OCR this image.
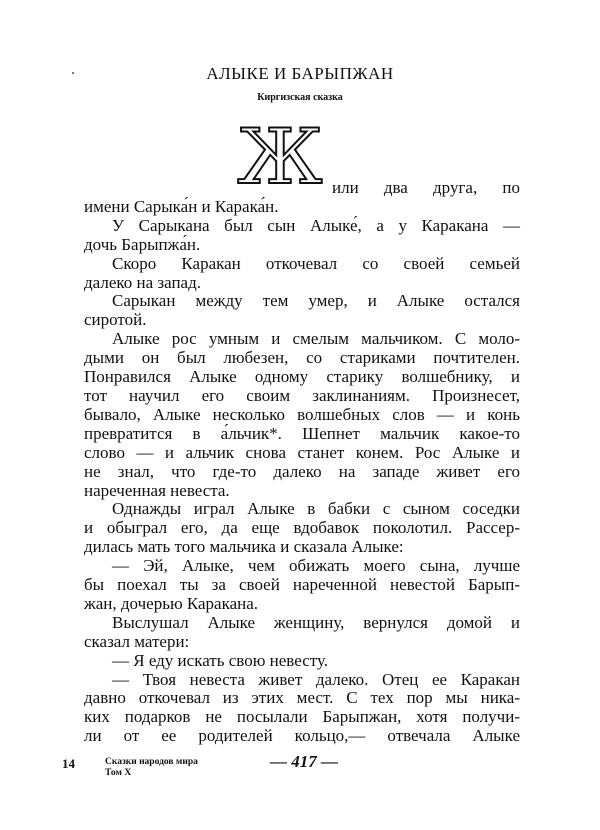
АЛЫКЕ И БАРЫПЖАН
Киргизская сказка
Ж или два друга, по
имени Сарыка́н и Карака́н.
У Сарыкана был сын Алыке́, а у Каракана —
дочь Барыпжа́н.
Скоро Каракан откочевал со своей семьей
далеко на запад.
Сарыкан между тем умер, и Алыке остался
сиротой.
Алыке рос умным и смелым мальчиком. С моло-
дыми он был любезен, со стариками почтителен.
Понравился Алыке одному старику волшебнику, и
тот научил его своим заклинаниям. Произнесет,
бывало, Алыке несколько волшебных слов — и конь
превратится в а́льчик*. Шепнет мальчик какое-то
слово — и альчик снова станет конем. Рос Алыке и
не знал, что где-то далеко на западе живет его
нареченная невеста.
Однажды играл Алыке в бабки с сыном соседки
и обыграл его, да еще вдобавок поколотил. Рассер-
дилась мать того мальчика и сказала Алыке:
— Эй, Алыке, чем обижать моего сына, лучше
бы поехал ты за своей нареченной невестой Барып-
жан, дочерью Каракана.
Выслушал Алыке женщину, вернулся домой и
сказал матери:
— Я еду искать свою невесту.
— Твоя невеста живет далеко. Отец ее Каракан
давно откочевал из этих мест. С тех пор мы ника-
ких подарков не посылали Барыпжан, хотя получи-
ли от ее родителей кольцо,— отвечала Алыке
14	Сказки народов мира
Том X
— 417 —
